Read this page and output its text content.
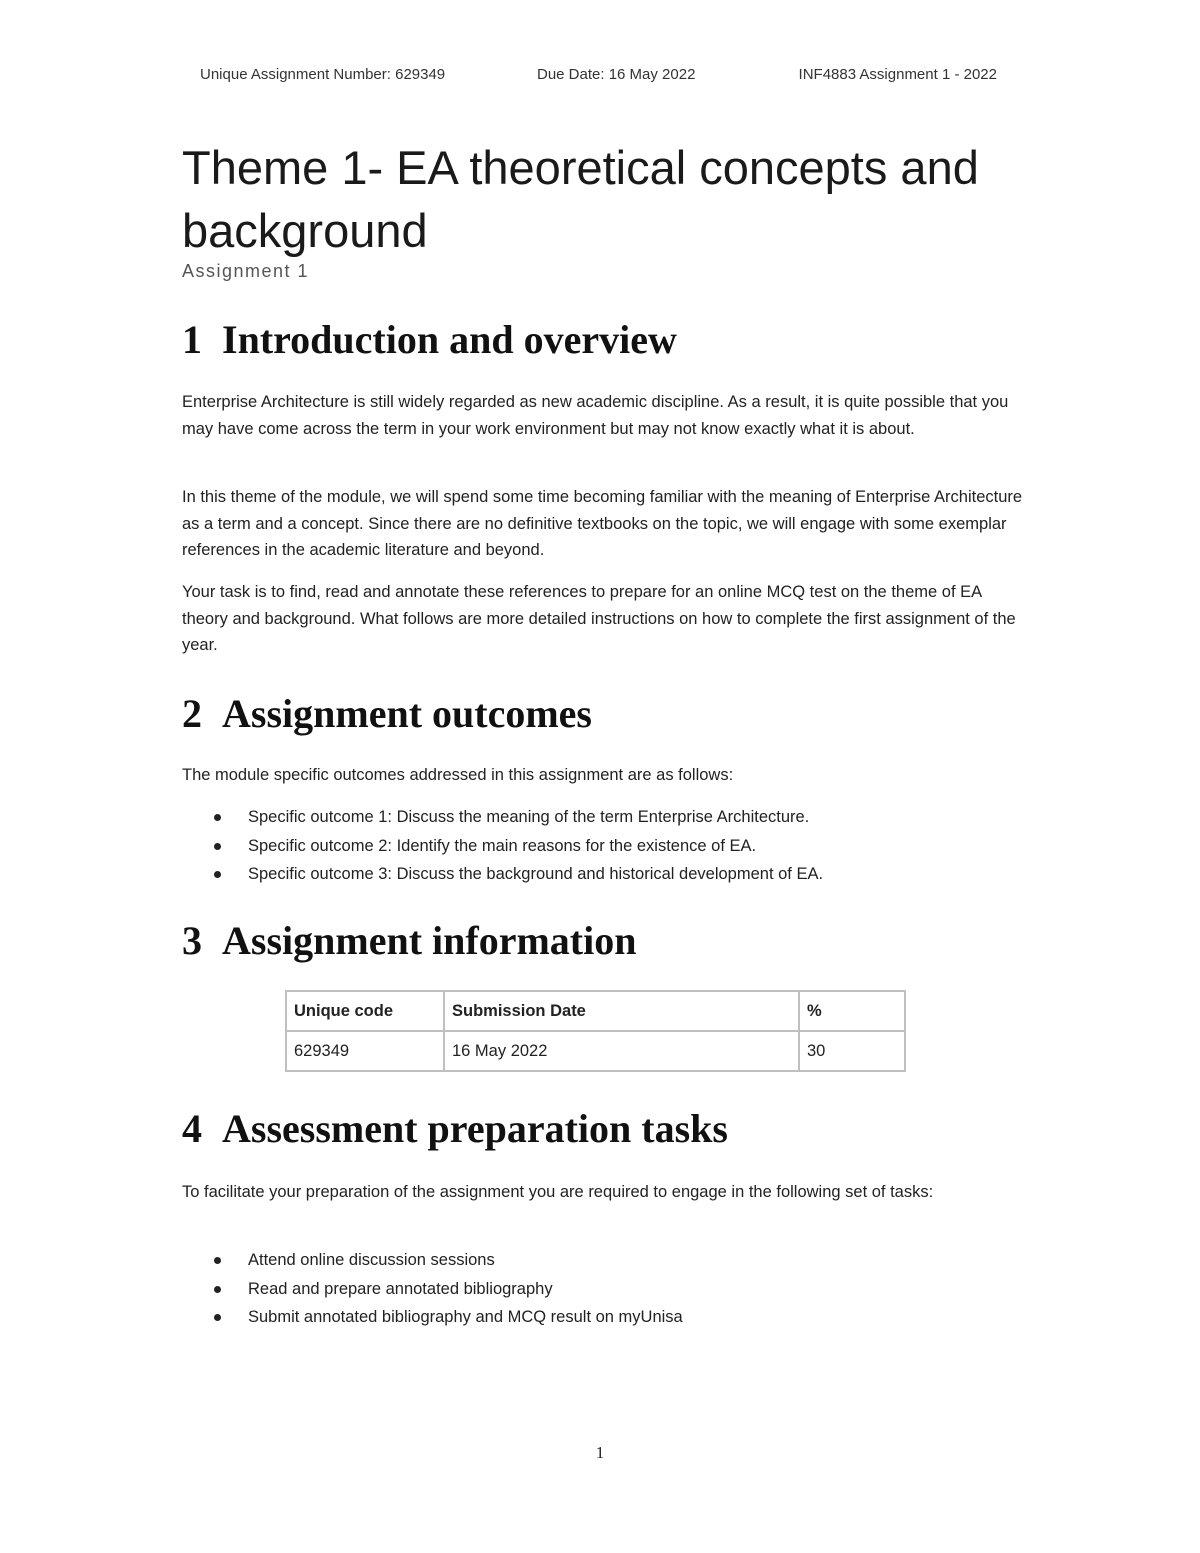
Unique Assignment Number: 629349	Due Date: 16 May 2022	INF4883 Assignment 1 - 2022
Theme 1- EA theoretical concepts and background
Assignment 1
1 Introduction and overview

Enterprise Architecture is still widely regarded as new academic discipline. As a result, it is quite possible that you may have come across the term in your work environment but may not know exactly what it is about.

In this theme of the module, we will spend some time becoming familiar with the meaning of Enterprise Architecture as a term and a concept. Since there are no definitive textbooks on the topic, we will engage with some exemplar references in the academic literature and beyond.

Your task is to find, read and annotate these references to prepare for an online MCQ test on the theme of EA theory and background. What follows are more detailed instructions on how to complete the first assignment of the year.

2 Assignment outcomes

The module specific outcomes addressed in this assignment are as follows:

Specific outcome 1: Discuss the meaning of the term Enterprise Architecture.
Specific outcome 2: Identify the main reasons for the existence of EA.
Specific outcome 3: Discuss the background and historical development of EA.
3 Assignment information
Unique code	Submission Date	%
629349	16 May 2022	30
4 Assessment preparation tasks

To facilitate your preparation of the assignment you are required to engage in the following set of tasks:

Attend online discussion sessions
Read and prepare annotated bibliography
Submit annotated bibliography and MCQ result on myUnisa
1
